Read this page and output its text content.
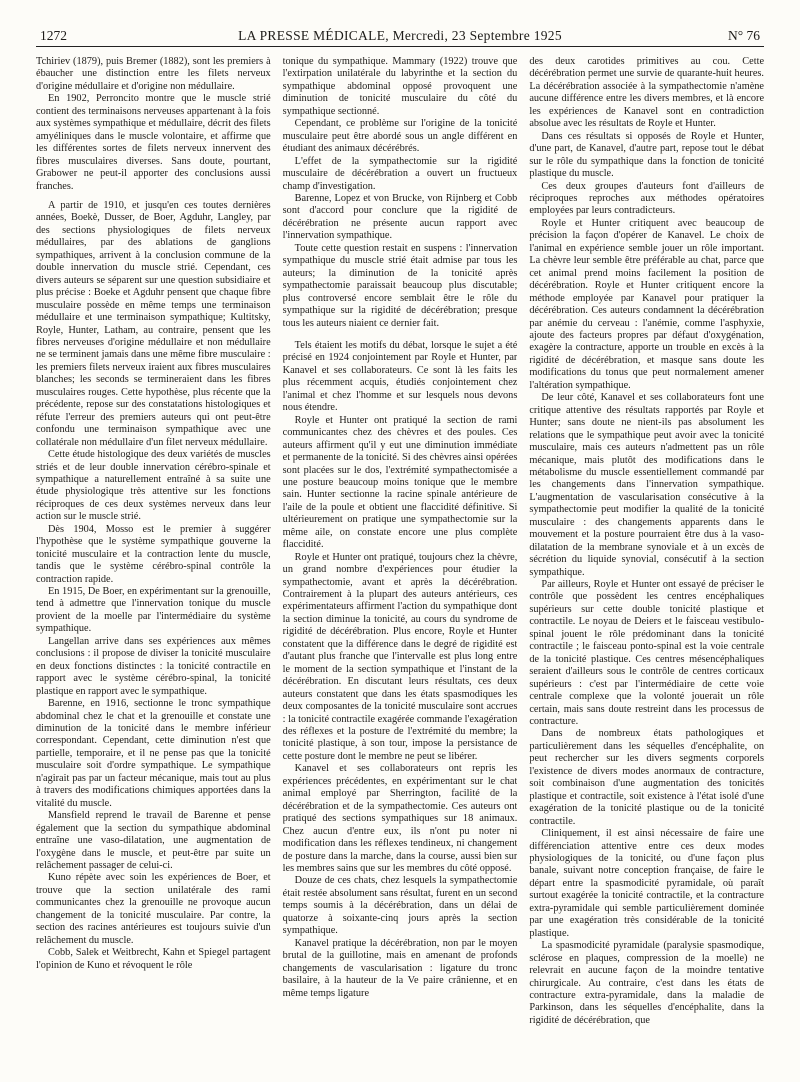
1272	LA PRESSE MÉDICALE, Mercredi, 23 Septembre 1925	N° 76

Tchiriev (1879), puis Bremer (1882), sont les premiers à ébaucher une distinction entre les filets nerveux d'origine médullaire et d'origine non médullaire.

En 1902, Perroncito montre que le muscle strié contient des terminaisons nerveuses appartenant à la fois aux systèmes sympathique et médullaire, décrit des filets amyéliniques dans le muscle volontaire, et affirme que les différentes sortes de filets nerveux innervent des fibres musculaires diverses. Sans doute, pourtant, Grabower ne peut-il apporter des conclusions aussi franches.

A partir de 1910, et jusqu'en ces toutes dernières années, Boekè, Dusser, de Boer, Agduhr, Langley, par des sections physiologiques de filets nerveux médullaires, par des ablations de ganglions sympathiques, arrivent à la conclusion commune de la double innervation du muscle strié. Cependant, ces divers auteurs se séparent sur une question subsidiaire et plus précise : Boeke et Agduhr pensent que chaque fibre musculaire possède en même temps une terminaison médullaire et une terminaison sympathique; Kultitsky, Royle, Hunter, Latham, au contraire, pensent que les fibres nerveuses d'origine médullaire et non médullaire ne se terminent jamais dans une même fibre musculaire : les premiers filets nerveux iraient aux fibres musculaires blanches; les seconds se termineraient dans les fibres musculaires rouges. Cette hypothèse, plus récente que la précédente, repose sur des constatations histologiques et réfute l'erreur des premiers auteurs qui ont peut-être confondu une terminaison sympathique avec une collatérale non médullaire d'un filet nerveux médullaire.

Cette étude histologique des deux variétés de muscles striés et de leur double innervation cérébro-spinale et sympathique a naturellement entraîné à sa suite une étude physiologique très attentive sur les fonctions réciproques de ces deux systèmes nerveux dans leur action sur le muscle strié.

Dès 1904, Mosso est le premier à suggérer l'hypothèse que le système sympathique gouverne la tonicité musculaire et la contraction lente du muscle, tandis que le système cérébro-spinal contrôle la contraction rapide.

En 1915, De Boer, en expérimentant sur la grenouille, tend à admettre que l'innervation tonique du muscle provient de la moelle par l'intermédiaire du système sympathique.

Langellan arrive dans ses expériences aux mêmes conclusions : il propose de diviser la tonicité musculaire en deux fonctions distinctes : la tonicité contractile en rapport avec le système cérébro-spinal, la tonicité plastique en rapport avec le sympathique.

Barenne, en 1916, sectionne le tronc sympathique abdominal chez le chat et la grenouille et constate une diminution de la tonicité dans le membre inférieur correspondant. Cependant, cette diminution n'est que partielle, temporaire, et il ne pense pas que la tonicité musculaire soit d'ordre sympathique. Le sympathique n'agirait pas par un facteur mécanique, mais tout au plus à travers des modifications chimiques apportées dans la vitalité du muscle.

Mansfield reprend le travail de Barenne et pense également que la section du sympathique abdominal entraîne une vaso-dilatation, une augmentation de l'oxygène dans le muscle, et peut-être par suite un relâchement passager de celui-ci.

Kuno répète avec soin les expériences de Boer, et trouve que la section unilatérale des rami communicantes chez la grenouille ne provoque aucun changement de la tonicité musculaire. Par contre, la section des racines antérieures est toujours suivie d'un relâchement du muscle.

Cobb, Salek et Weitbrecht, Kahn et Spiegel partagent l'opinion de Kuno et révoquent le rôle

tonique du sympathique. Mammary (1922) trouve que l'extirpation unilatérale du labyrinthe et la section du sympathique abdominal opposé provoquent une diminution de tonicité musculaire du côté du sympathique sectionné.

Cependant, ce problème sur l'origine de la tonicité musculaire peut être abordé sous un angle différent en étudiant des animaux décérébrés.

L'effet de la sympathectomie sur la rigidité musculaire de décérébration a ouvert un fructueux champ d'investigation.

Barenne, Lopez et von Brucke, von Rijnberg et Cobb sont d'accord pour conclure que la rigidité de décérébration ne présente aucun rapport avec l'innervation sympathique.

Toute cette question restait en suspens : l'innervation sympathique du muscle strié était admise par tous les auteurs; la diminution de la tonicité après sympathectomie paraissait beaucoup plus discutable; plus controversé encore semblait être le rôle du sympathique sur la rigidité de décérébration; presque tous les auteurs niaient ce dernier fait.

Tels étaient les motifs du débat, lorsque le sujet a été précisé en 1924 conjointement par Royle et Hunter, par Kanavel et ses collaborateurs. Ce sont là les faits les plus récemment acquis, étudiés conjointement chez l'animal et chez l'homme et sur lesquels nous devons nous étendre.

Royle et Hunter ont pratiqué la section de rami communicantes chez des chèvres et des poules. Ces auteurs affirment qu'il y eut une diminution immédiate et permanente de la tonicité. Si des chèvres ainsi opérées sont placées sur le dos, l'extrémité sympathectomisée a une posture beaucoup moins tonique que le membre sain. Hunter sectionne la racine spinale antérieure de l'aile de la poule et obtient une flaccidité définitive. Si ultérieurement on pratique une sympathectomie sur la même aile, on constate encore une plus complète flaccidité.

Royle et Hunter ont pratiqué, toujours chez la chèvre, un grand nombre d'expériences pour étudier la sympathectomie, avant et après la décérébration. Contrairement à la plupart des auteurs antérieurs, ces expérimentateurs affirment l'action du sympathique dont la section diminue la tonicité, au cours du syndrome de rigidité de décérébration. Plus encore, Royle et Hunter constatent que la différence dans le degré de rigidité est d'autant plus franche que l'intervalle est plus long entre le moment de la section sympathique et l'instant de la décérébration. En discutant leurs résultats, ces deux auteurs constatent que dans les états spasmodiques les deux composantes de la tonicité musculaire sont accrues : la tonicité contractile exagérée commande l'exagération des réflexes et la posture de l'extrémité du membre; la tonicité plastique, à son tour, impose la persistance de cette posture dont le membre ne peut se libérer.

Kanavel et ses collaborateurs ont repris les expériences précédentes, en expérimentant sur le chat animal employé par Sherrington, facilité de la décérébration et de la sympathectomie. Ces auteurs ont pratiqué des sections sympathiques sur 18 animaux. Chez aucun d'entre eux, ils n'ont pu noter ni modification dans les réflexes tendineux, ni changement de posture dans la marche, dans la course, aussi bien sur les membres sains que sur les membres du côté opposé.

Douze de ces chats, chez lesquels la sympathectomie était restée absolument sans résultat, furent en un second temps soumis à la décérébration, dans un délai de quatorze à soixante-cinq jours après la section sympathique.

Kanavel pratique la décérébration, non par le moyen brutal de la guillotine, mais en amenant de profonds changements de vascularisation : ligature du tronc basilaire, à la hauteur de la Ve paire crânienne, et en même temps ligature

des deux carotides primitives au cou. Cette décérébration permet une survie de quarante-huit heures. La décérébration associée à la sympathectomie n'amène aucune différence entre les divers membres, et là encore les expériences de Kanavel sont en contradiction absolue avec les résultats de Royle et Hunter.

Dans ces résultats si opposés de Royle et Hunter, d'une part, de Kanavel, d'autre part, repose tout le débat sur le rôle du sympathique dans la fonction de tonicité plastique du muscle.

Ces deux groupes d'auteurs font d'ailleurs de réciproques reproches aux méthodes opératoires employées par leurs contradicteurs.

Royle et Hunter critiquent avec beaucoup de précision la façon d'opérer de Kanavel. Le choix de l'animal en expérience semble jouer un rôle important. La chèvre leur semble être préférable au chat, parce que cet animal prend moins facilement la position de décérébration. Royle et Hunter critiquent encore la méthode employée par Kanavel pour pratiquer la décérébration. Ces auteurs condamnent la décérébration par anémie du cerveau : l'anémie, comme l'asphyxie, ajoute des facteurs propres par défaut d'oxygénation, exagère la contracture, apporte un trouble en excès à la rigidité de décérébration, et masque sans doute les modifications du tonus que peut normalement amener l'altération sympathique.

De leur côté, Kanavel et ses collaborateurs font une critique attentive des résultats rapportés par Royle et Hunter; sans doute ne nient-ils pas absolument les relations que le sympathique peut avoir avec la tonicité musculaire, mais ces auteurs n'admettent pas un rôle mécanique, mais plutôt des modifications dans le métabolisme du muscle essentiellement commandé par les changements dans l'innervation sympathique. L'augmentation de vascularisation consécutive à la sympathectomie peut modifier la qualité de la tonicité musculaire : des changements apparents dans le mouvement et la posture pourraient être dus à la vaso-dilatation de la membrane synoviale et à un excès de sécrétion du liquide synovial, consécutif à la section sympathique.

Par ailleurs, Royle et Hunter ont essayé de préciser le contrôle que possèdent les centres encéphaliques supérieurs sur cette double tonicité plastique et contractile. Le noyau de Deiers et le faisceau vestibulo-spinal jouent le rôle prédominant dans la tonicité contractile ; le faisceau ponto-spinal est la voie centrale de la tonicité plastique. Ces centres mésencéphaliques seraient d'ailleurs sous le contrôle de centres corticaux supérieurs : c'est par l'intermédiaire de cette voie centrale complexe que la volonté jouerait un rôle certain, mais sans doute restreint dans les processus de contracture.

Dans de nombreux états pathologiques et particulièrement dans les séquelles d'encéphalite, on peut rechercher sur les divers segments corporels l'existence de divers modes anormaux de contracture, soit combinaison d'une augmentation des tonicités plastique et contractile, soit existence à l'état isolé d'une exagération de la tonicité plastique ou de la tonicité contractile.

Cliniquement, il est ainsi nécessaire de faire une différenciation attentive entre ces deux modes physiologiques de la tonicité, ou d'une façon plus banale, suivant notre conception française, de faire le départ entre la spasmodicité pyramidale, où paraît surtout exagérée la tonicité contractile, et la contracture extra-pyramidale qui semble particulièrement dominée par une exagération très considérable de la tonicité plastique.

La spasmodicité pyramidale (paralysie spasmodique, sclérose en plaques, compression de la moelle) ne relevrait en aucune façon de la moindre tentative chirurgicale. Au contraire, c'est dans les états de contracture extra-pyramidale, dans la maladie de Parkinson, dans les séquelles d'encéphalite, dans la rigidité de décérébration, que
